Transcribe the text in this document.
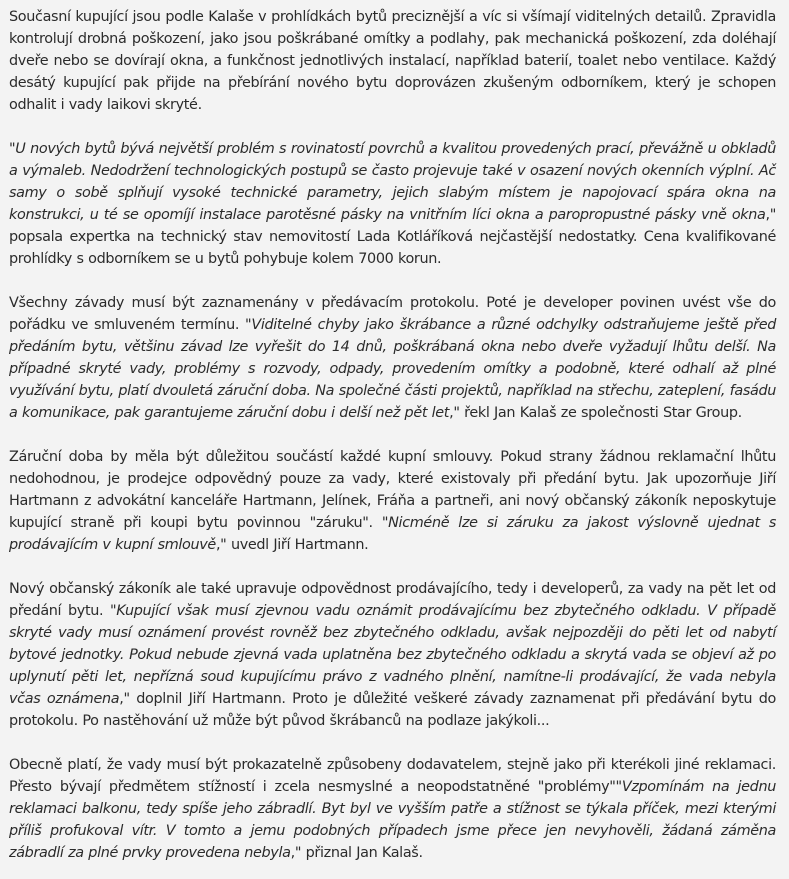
Současní kupující jsou podle Kalaše v prohlídkách bytů preciznější a víc si všímají viditelných detailů. Zpravidla kontrolují drobná poškození, jako jsou poškrábané omítky a podlahy, pak mechanická poškození, zda doléhají dveře nebo se dovírají okna, a funkčnost jednotlivých instalací, například baterií, toalet nebo ventilace. Každý desátý kupující pak přijde na přebírání nového bytu doprovázen zkušeným odborníkem, který je schopen odhalit i vady laikovi skryté.

"U nových bytů bývá největší problém s rovinatostí povrchů a kvalitou provedených prací, převážně u obkladů a výmaleb. Nedodržení technologických postupů se často projevuje také v osazení nových okenních výplní. Ač samy o sobě splňují vysoké technické parametry, jejich slabým místem je napojovací spára okna na konstrukci, u té se opomíjí instalace parotěsné pásky na vnitřním líci okna a paropropustné pásky vně okna," popsala expertka na technický stav nemovitostí Lada Kotláříková nejčastější nedostatky. Cena kvalifikované prohlídky s odborníkem se u bytů pohybuje kolem 7000 korun.

Všechny závady musí být zaznamenány v předávacím protokolu. Poté je developer povinen uvést vše do pořádku ve smluveném termínu. "Viditelné chyby jako škrábance a různé odchylky odstraňujeme ještě před předáním bytu, většinu závad lze vyřešit do 14 dnů, poškrábaná okna nebo dveře vyžadují lhůtu delší. Na případné skryté vady, problémy s rozvody, odpady, provedením omítky a podobně, které odhalí až plné využívání bytu, platí dvouletá záruční doba. Na společné části projektů, například na střechu, zateplení, fasádu a komunikace, pak garantujeme záruční dobu i delší než pět let," řekl Jan Kalaš ze společnosti Star Group.

Záruční doba by měla být důležitou součástí každé kupní smlouvy. Pokud strany žádnou reklamační lhůtu nedohodnou, je prodejce odpovědný pouze za vady, které existovaly při předání bytu. Jak upozorňuje Jiří Hartmann z advokátní kanceláře Hartmann, Jelínek, Fráňa a partneři, ani nový občanský zákoník neposkytuje kupující straně při koupi bytu povinnou "záruku". "Nicméně lze si záruku za jakost výslovně ujednat s prodávajícím v kupní smlouvě," uvedl Jiří Hartmann.

Nový občanský zákoník ale také upravuje odpovědnost prodávajícího, tedy i developerů, za vady na pět let od předání bytu. "Kupující však musí zjevnou vadu oznámit prodávajícímu bez zbytečného odkladu. V případě skryté vady musí oznámení provést rovněž bez zbytečného odkladu, avšak nejpozději do pěti let od nabytí bytové jednotky. Pokud nebude zjevná vada uplatněna bez zbytečného odkladu a skrytá vada se objeví až po uplynutí pěti let, nepřízná soud kupujícímu právo z vadného plnění, namítne-li prodávající, že vada nebyla včas oznámena," doplnil Jiří Hartmann. Proto je důležité veškeré závady zaznamenat při předávání bytu do protokolu. Po nastěhování už může být původ škrábanců na podlaze jakýkoli...

Obecně platí, že vady musí být prokazatelně způsobeny dodavatelem, stejně jako při kterékoli jiné reklamaci. Přesto bývají předmětem stížností i zcela nesmyslné a neopodstatněné "problémy""Vzpomínám na jednu reklamaci balkonu, tedy spíše jeho zábradlí. Byt byl ve vyšším patře a stížnost se týkala příček, mezi kterými příliš profukoval vítr. V tomto a jemu podobných případech jsme přece jen nevyhověli, žádaná záměna zábradlí za plné prvky provedena nebyla," přiznal Jan Kalaš.
